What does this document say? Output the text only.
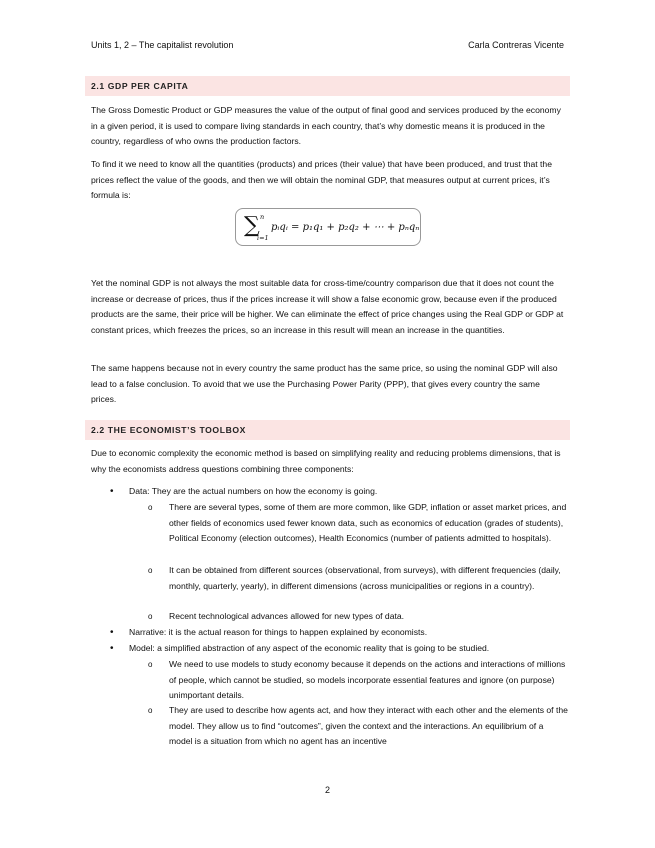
Units 1, 2 – The capitalist revolution	Carla Contreras Vicente
2.1 GDP PER CAPITA

The Gross Domestic Product or GDP measures the value of the output of final good and services produced by the economy in a given period, it is used to compare living standards in each country, that’s why domestic means it is produced in the country, regardless of who owns the production factors.

To find it we need to know all the quantities (products) and prices (their value) that have been produced, and trust that the prices reflect the value of the goods, and then we will obtain the nominal GDP, that measures output at current prices, it’s formula is:

∑ n
i=1
pᵢqᵢ = p₁q₁ + p₂q₂ + ⋯ + pₙqₙ

Yet the nominal GDP is not always the most suitable data for cross-time/country comparison due that it does not count the increase or decrease of prices, thus if the prices increase it will show a false economic grow, because even if the produced products are the same, their price will be higher. We can eliminate the effect of price changes using the Real GDP or GDP at constant prices, which freezes the prices, so an increase in this result will mean an increase in the quantities.

The same happens because not in every country the same product has the same price, so using the nominal GDP will also lead to a false conclusion. To avoid that we use the Purchasing Power Parity (PPP), that gives every country the same prices.

2.2 THE ECONOMIST’S TOOLBOX

Due to economic complexity the economic method is based on simplifying reality and reducing problems dimensions, that is why the economists address questions combining three components:

• Data: They are the actual numbers on how the economy is going.
o There are several types, some of them are more common, like GDP, inflation or asset market prices, and other fields of economics used fewer known data, such as economics of education (grades of students), Political Economy (election outcomes), Health Economics (number of patients admitted to hospitals).
o It can be obtained from different sources (observational, from surveys), with different frequencies (daily, monthly, quarterly, yearly), in different dimensions (across municipalities or regions in a country).
o Recent technological advances allowed for new types of data.
• Narrative: it is the actual reason for things to happen explained by economists.
• Model: a simplified abstraction of any aspect of the economic reality that is going to be studied.
o We need to use models to study economy because it depends on the actions and interactions of millions of people, which cannot be studied, so models incorporate essential features and ignore (on purpose) unimportant details.
o They are used to describe how agents act, and how they interact with each other and the elements of the model. They allow us to find “outcomes”, given the context and the interactions. An equilibrium of a model is a situation from which no agent has an incentive
2
